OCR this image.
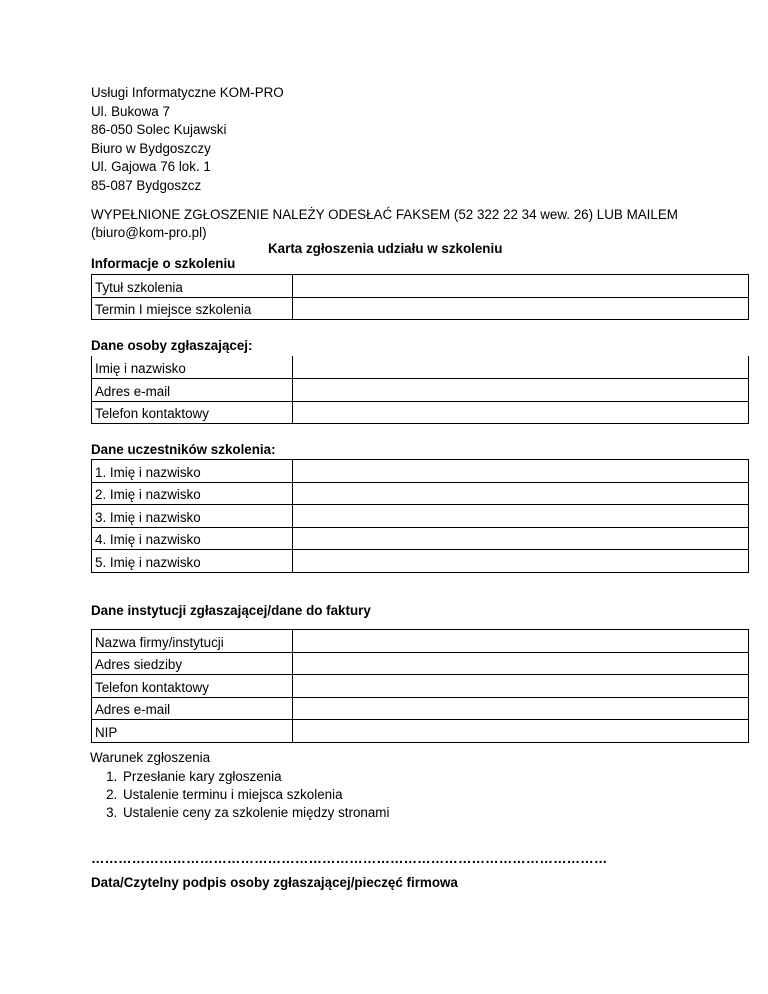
Usługi Informatyczne KOM-PRO
Ul. Bukowa 7
86-050 Solec Kujawski
Biuro w Bydgoszczy
Ul. Gajowa 76 lok. 1
85-087 Bydgoszcz
WYPEŁNIONE ZGŁOSZENIE NALEŻY ODESŁAĆ FAKSEM (52 322 22 34 wew. 26) LUB MAILEM (biuro@kom-pro.pl)
Karta zgłoszenia udziału w szkoleniu
Informacje o szkoleniu
Tytuł szkolenia	
Termin I miejsce szkolenia	
Dane osoby zgłaszającej:
Imię i nazwisko	
Adres e-mail	
Telefon kontaktowy	
Dane uczestników szkolenia:
1. Imię i nazwisko	
2. Imię i nazwisko	
3. Imię i nazwisko	
4. Imię i nazwisko	
5. Imię i nazwisko	
Dane instytucji zgłaszającej/dane do faktury
Nazwa firmy/instytucji	
Adres siedziby	
Telefon kontaktowy	
Adres e-mail	
NIP	
Warunek zgłoszenia
1. Przesłanie kary zgłoszenia
2. Ustalenie terminu i miejsca szkolenia
3. Ustalenie ceny za szkolenie między stronami
……………………………………………………………………………………………………
Data/Czytelny podpis osoby zgłaszającej/pieczęć firmowa
